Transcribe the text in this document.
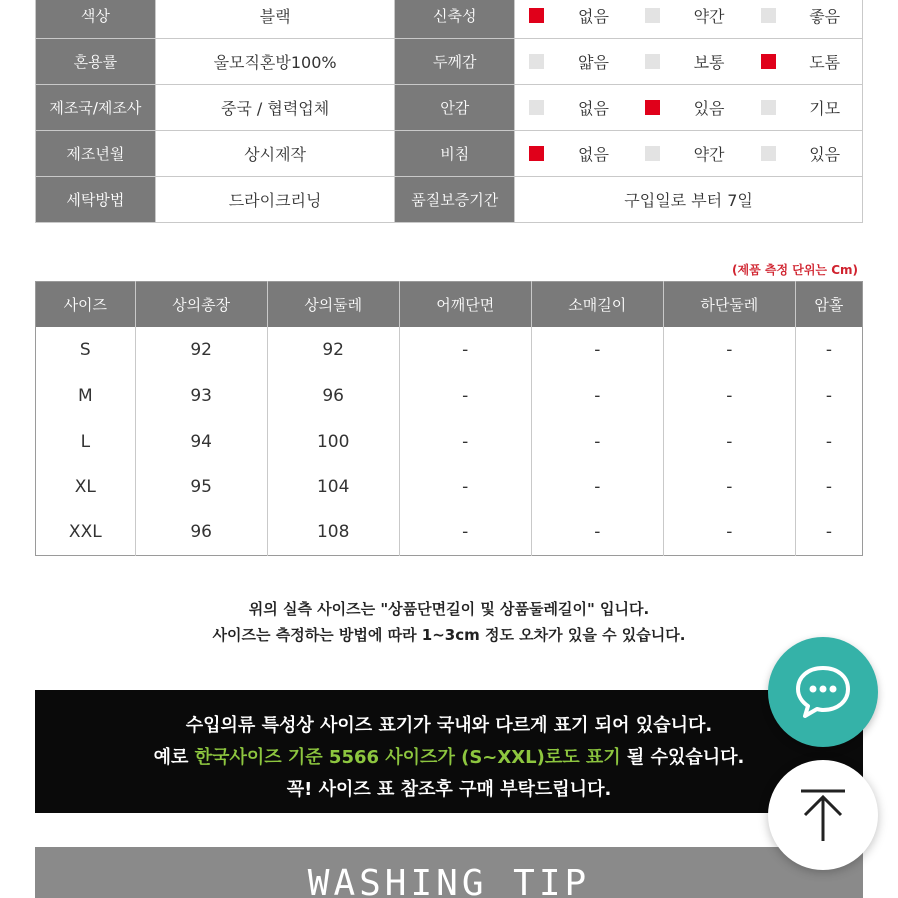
색상	블랙	신축성	없음 약간 좋음

혼용률	울모직혼방100%	두께감	얇음 보통 도톰

제조국/제조사	중국 / 협력업체	안감	없음 있음 기모

제조년월	상시제작	비침	없음 약간 있음

세탁방법	드라이크리닝	품질보증기간	구입일로 부터 7일
(제품 측정 단위는 Cm)
사이즈	상의총장	상의둘레	어깨단면	소매길이	하단둘레	암홀
S	92	92	-	-	-	-
M	93	96	-	-	-	-
L	94	100	-	-	-	-
XL	95	104	-	-	-	-
XXL	96	108	-	-	-	-
위의 실측 사이즈는 "상품단면길이 및 상품둘레길이" 입니다.
사이즈는 측정하는 방법에 따라 1~3cm 정도 오차가 있을 수 있습니다.
수입의류 특성상 사이즈 표기가 국내와 다르게 표기 되어 있습니다.
예로 한국사이즈 기준 5566 사이즈가 (S~XXL)로도 표기 될 수있습니다.
꼭! 사이즈 표 참조후 구매 부탁드립니다.
WASHING TIP
